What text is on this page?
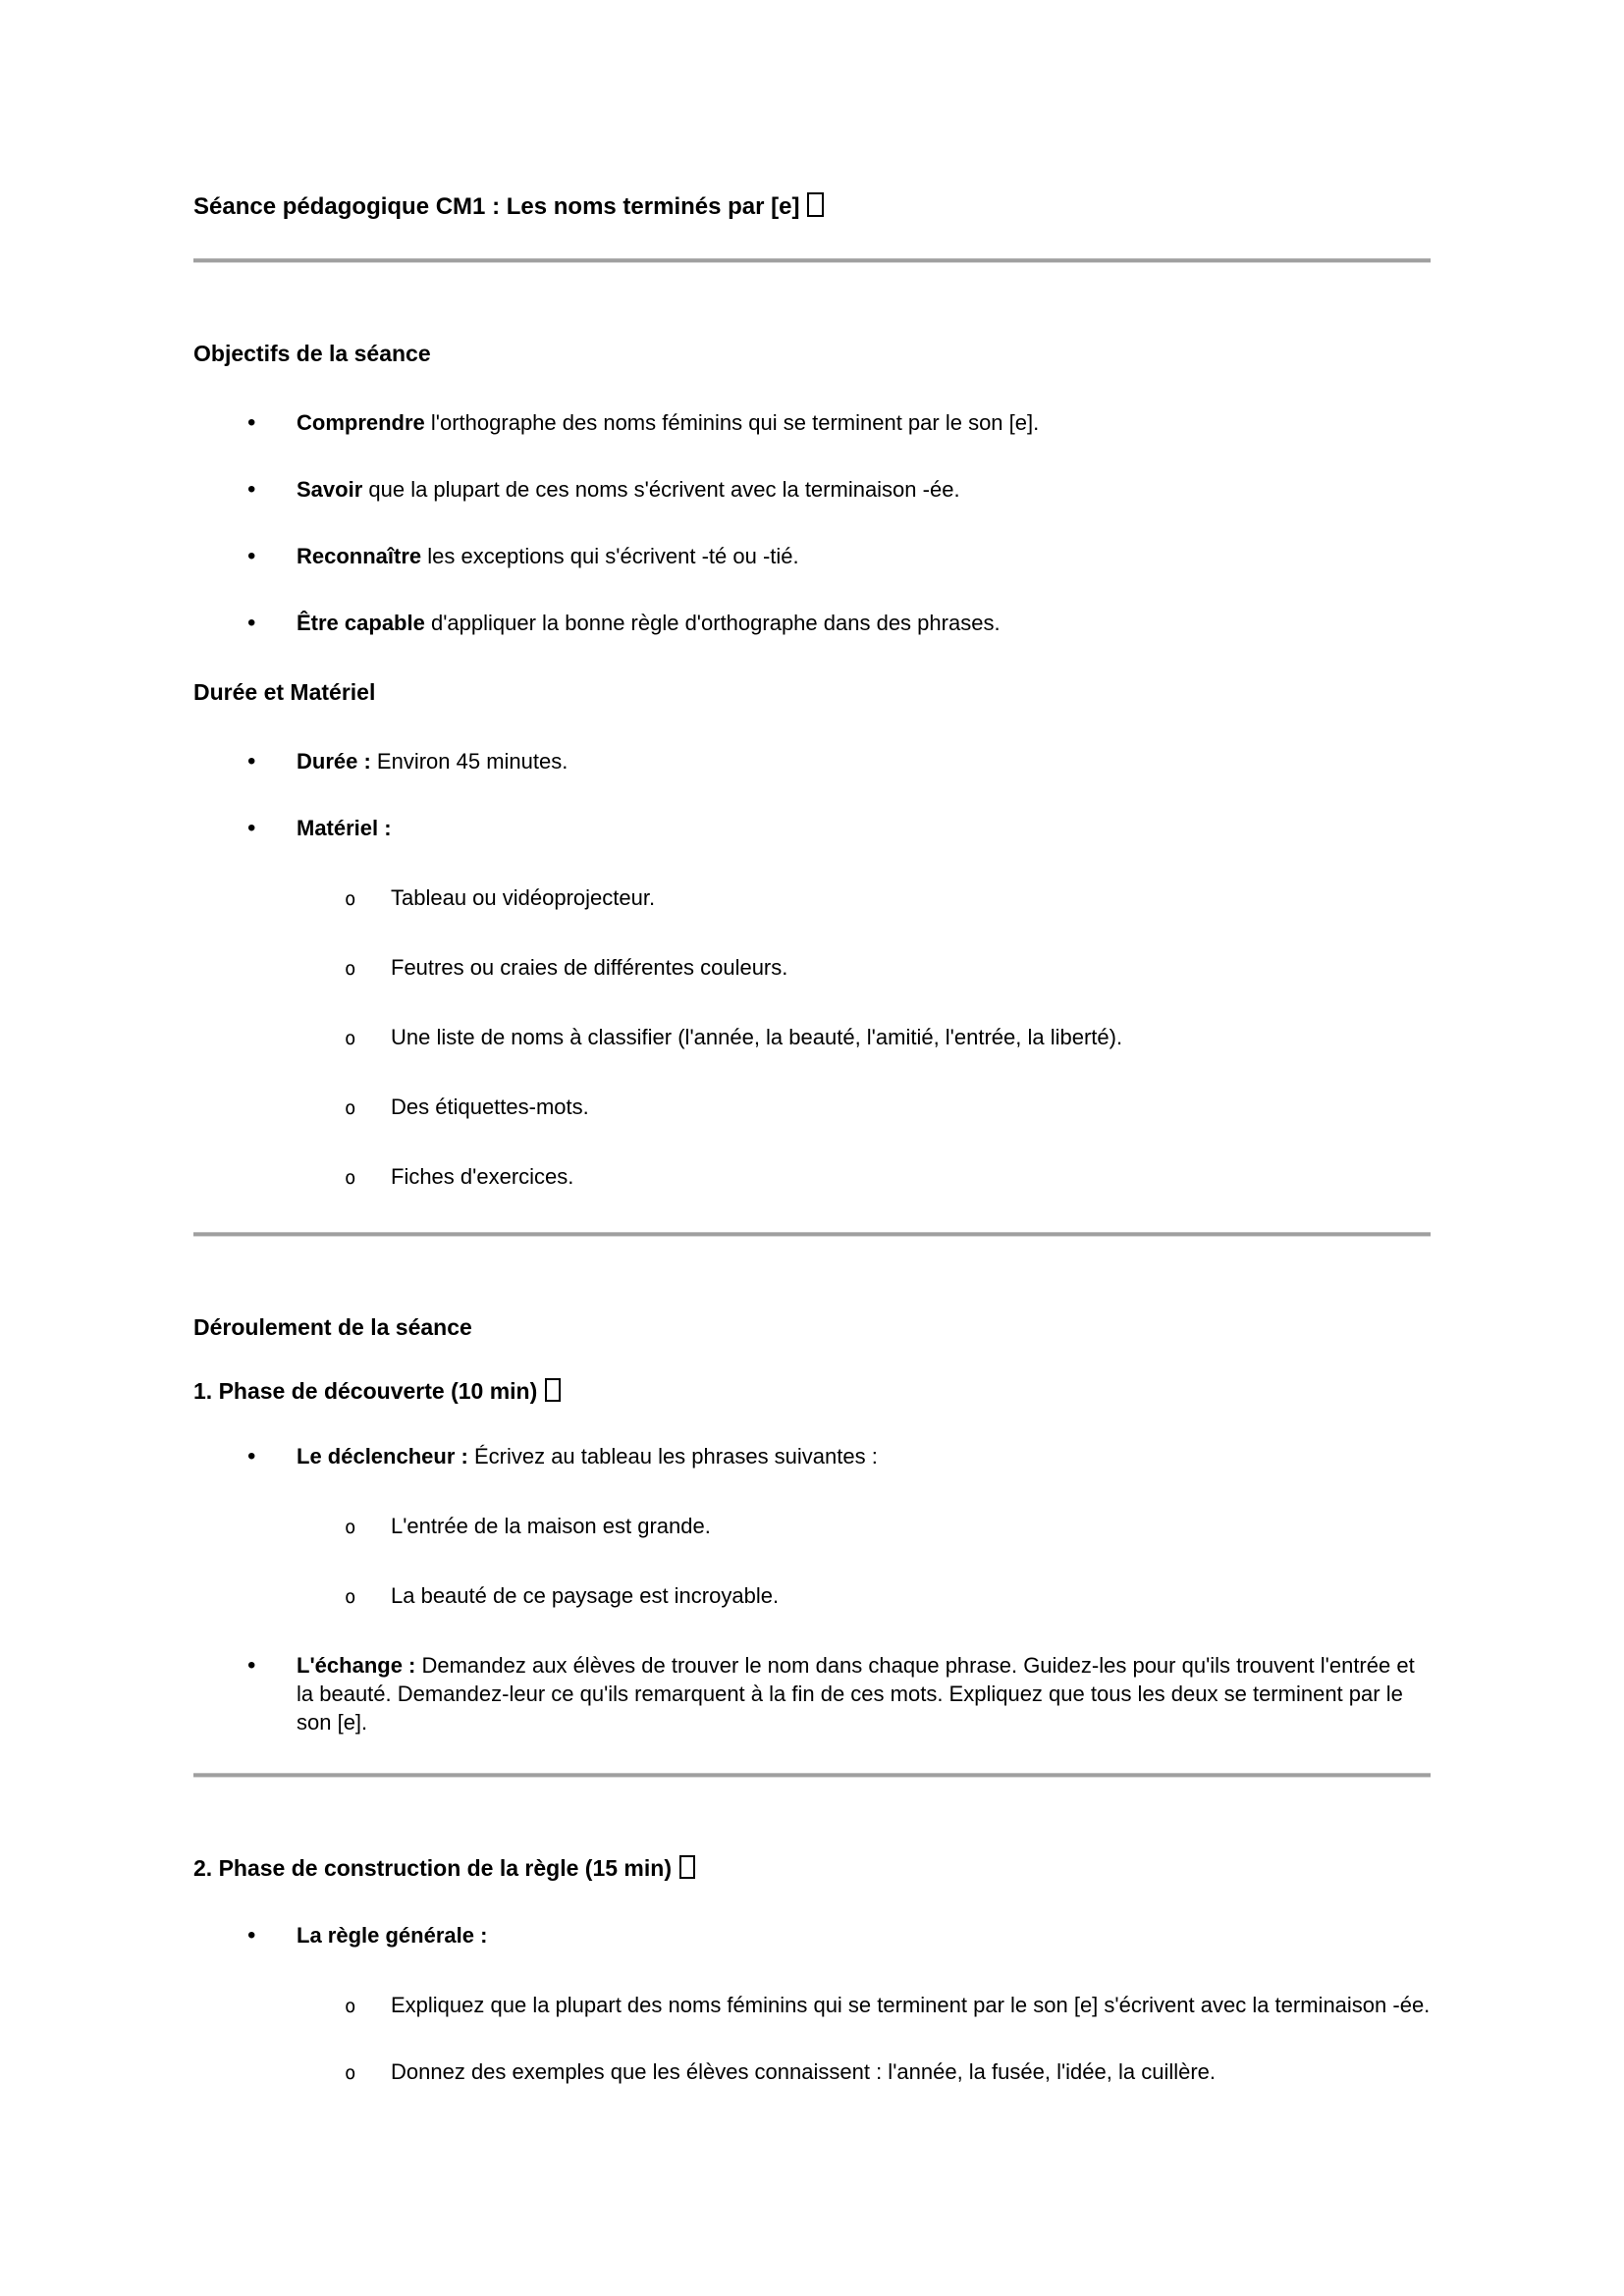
Séance pédagogique CM1 : Les noms terminés par [e]
Objectifs de la séance
•
Comprendre l'orthographe des noms féminins qui se terminent par le son [e].
•
Savoir que la plupart de ces noms s'écrivent avec la terminaison -ée.
•
Reconnaître les exceptions qui s'écrivent -té ou -tié.
•
Être capable d'appliquer la bonne règle d'orthographe dans des phrases.
Durée et Matériel
•
Durée : Environ 45 minutes.
•
Matériel :
o
Tableau ou vidéoprojecteur.
o
Feutres ou craies de différentes couleurs.
o
Une liste de noms à classifier (l'année, la beauté, l'amitié, l'entrée, la liberté).
o
Des étiquettes-mots.
o
Fiches d'exercices.
Déroulement de la séance
1. Phase de découverte (10 min)
•
Le déclencheur : Écrivez au tableau les phrases suivantes :
o
L'entrée de la maison est grande.
o
La beauté de ce paysage est incroyable.
•
L'échange : Demandez aux élèves de trouver le nom dans chaque phrase. Guidez-les pour qu'ils trouvent l'entrée et la beauté. Demandez-leur ce qu'ils remarquent à la fin de ces mots. Expliquez que tous les deux se terminent par le son [e].
2. Phase de construction de la règle (15 min)
•
La règle générale :
o
Expliquez que la plupart des noms féminins qui se terminent par le son [e] s'écrivent avec la terminaison -ée.
o
Donnez des exemples que les élèves connaissent : l'année, la fusée, l'idée, la cuillère.
